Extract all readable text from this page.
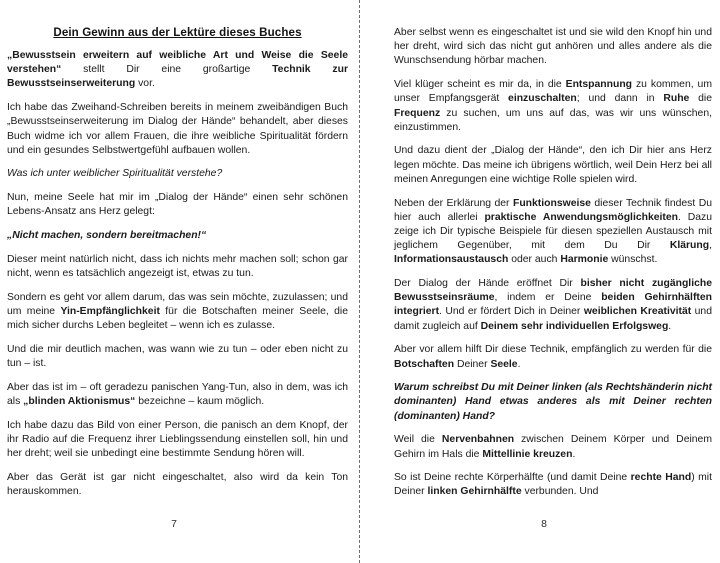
Dein Gewinn aus der Lektüre dieses Buches

„Bewusstsein erweitern auf weibliche Art und Weise die Seele verstehen“ stellt Dir eine großartige Technik zur Bewusstseinserweiterung vor.

Ich habe das Zweihand-Schreiben bereits in meinem zweibändigen Buch „Bewusstseinserweiterung im Dialog der Hände“ behandelt, aber dieses Buch widme ich vor allem Frauen, die ihre weibliche Spiritualität fördern und ein gesundes Selbstwertgefühl aufbauen wollen.

Was ich unter weiblicher Spiritualität verstehe?

Nun, meine Seele hat mir im „Dialog der Hände“ einen sehr schönen Lebens-Ansatz ans Herz gelegt:

„Nicht machen, sondern bereitmachen!“

Dieser meint natürlich nicht, dass ich nichts mehr machen soll; schon gar nicht, wenn es tatsächlich angezeigt ist, etwas zu tun.

Sondern es geht vor allem darum, das was sein möchte, zuzulassen; und um meine Yin-Empfänglichkeit für die Botschaften meiner Seele, die mich sicher durchs Leben begleitet – wenn ich es zulasse.

Und die mir deutlich machen, was wann wie zu tun – oder eben nicht zu tun – ist.

Aber das ist im – oft geradezu panischen Yang-Tun, also in dem, was ich als „blinden Aktionismus“ bezeichne – kaum möglich.

Ich habe dazu das Bild von einer Person, die panisch an dem Knopf, der ihr Radio auf die Frequenz ihrer Lieblingssendung einstellen soll, hin und her dreht; weil sie unbedingt eine bestimmte Sendung hören will.

Aber das Gerät ist gar nicht eingeschaltet, also wird da kein Ton herauskommen.

7

Aber selbst wenn es eingeschaltet ist und sie wild den Knopf hin und her dreht, wird sich das nicht gut anhören und alles andere als die Wunschsendung hörbar machen.

Viel klüger scheint es mir da, in die Entspannung zu kommen, um unser Empfangsgerät einzuschalten; und dann in Ruhe die Frequenz zu suchen, um uns auf das, was wir uns wünschen, einzustimmen.

Und dazu dient der „Dialog der Hände“, den ich Dir hier ans Herz legen möchte. Das meine ich übrigens wörtlich, weil Dein Herz bei all meinen Anregungen eine wichtige Rolle spielen wird.

Neben der Erklärung der Funktionsweise dieser Technik findest Du hier auch allerlei praktische Anwendungsmöglichkeiten. Dazu zeige ich Dir typische Beispiele für diesen speziellen Austausch mit jeglichem Gegenüber, mit dem Du Dir Klärung, Informationsaustausch oder auch Harmonie wünschst.

Der Dialog der Hände eröffnet Dir bisher nicht zugängliche Bewusstseinsräume, indem er Deine beiden Gehirnhälften integriert. Und er fördert Dich in Deiner weiblichen Kreativität und damit zugleich auf Deinem sehr individuellen Erfolgsweg.

Aber vor allem hilft Dir diese Technik, empfänglich zu werden für die Botschaften Deiner Seele.

Warum schreibst Du mit Deiner linken (als Rechtshänderin nicht dominanten) Hand etwas anderes als mit Deiner rechten (dominanten) Hand?

Weil die Nervenbahnen zwischen Deinem Körper und Deinem Gehirn im Hals die Mittellinie kreuzen.

So ist Deine rechte Körperhälfte (und damit Deine rechte Hand) mit Deiner linken Gehirnhälfte verbunden. Und

8
